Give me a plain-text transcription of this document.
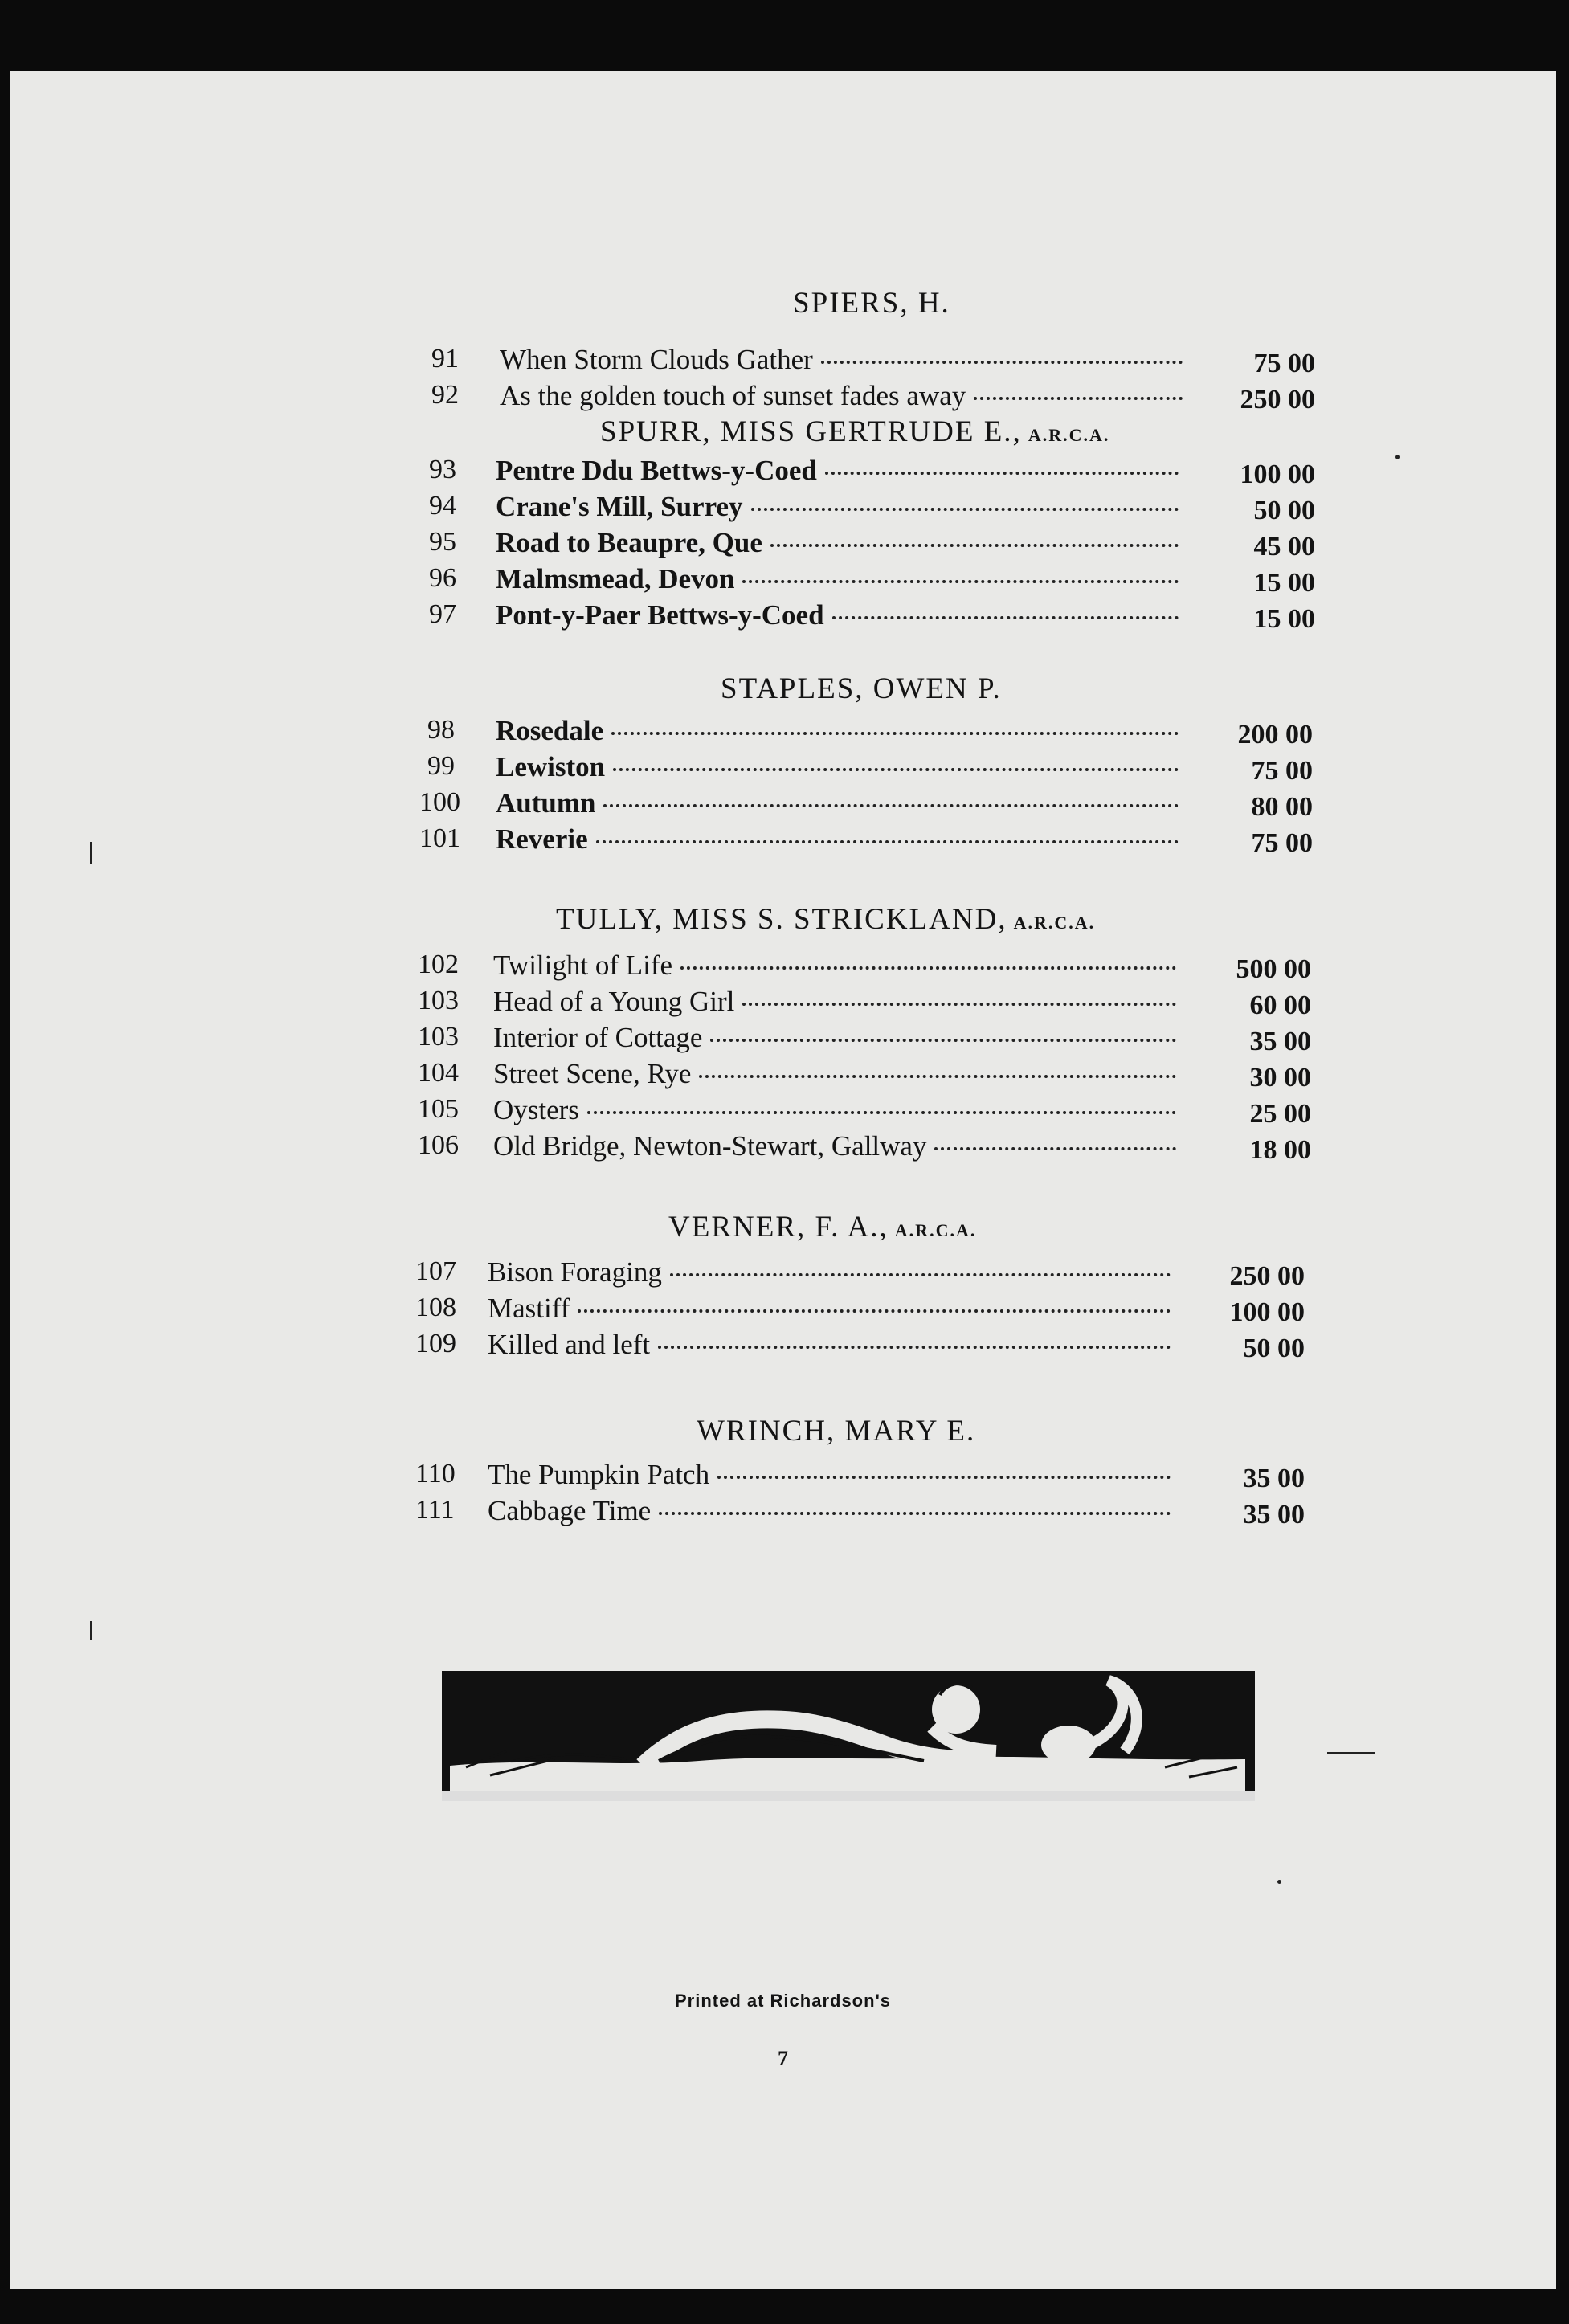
SPIERS, H.
91 When Storm Clouds Gather	75 00
92 As the golden touch of sunset fades away	250 00
SPURR, MISS GERTRUDE E., A.R.C.A.
93 Pentre Ddu Bettws-y-Coed	100 00
94 Crane's Mill, Surrey	50 00
95 Road to Beaupre, Que	45 00
96 Malmsmead, Devon	15 00
97 Pont-y-Paer Bettws-y-Coed	15 00
STAPLES, OWEN P.
98 Rosedale	200 00
99 Lewiston	75 00
100 Autumn	80 00
101 Reverie	75 00
TULLY, MISS S. STRICKLAND, A.R.C.A.
102 Twilight of Life	500 00
103 Head of a Young Girl	60 00
103 Interior of Cottage	35 00
104 Street Scene, Rye	30 00
105 Oysters	25 00
106 Old Bridge, Newton-Stewart, Gallway	18 00
VERNER, F. A., A.R.C.A.
107 Bison Foraging	250 00
108 Mastiff	100 00
109 Killed and left	50 00
WRINCH, MARY E.
110 The Pumpkin Patch	35 00
111 Cabbage Time	35 00
Printed at Richardson's
7
